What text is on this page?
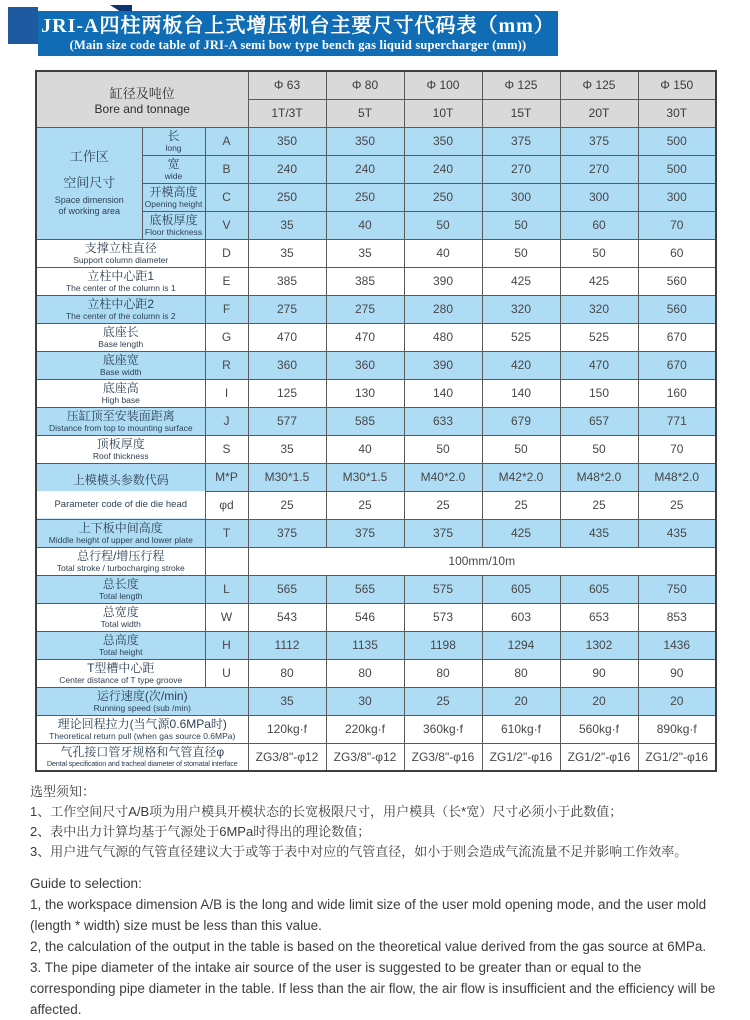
JRI-A四柱两板台上式增压机台主要尺寸代码表（mm）
(Main size code table of JRI-A semi bow type bench gas liquid supercharger (mm))
缸径及吨位
Bore and tonnage			Φ 63	Φ 80	Φ 100	Φ 125	Φ 125	Φ 150
			1T/3T	5T	10T	15T	20T	30T

工作区
空间尺寸
Space dimension
of working area

长
long	A	350	350	350	375	375	500

	宽
wide	B	240	240	240	270	270	500

	开模高度
Opening height	C	250	250	250	300	300	300

	底板厚度
Floor thickness	V	35	40	50	50	60	70

支撑立柱直径
Support column diameter		D	35	35	40	50	50	60

立柱中心距1
The center of the column is 1		E	385	385	390	425	425	560

立柱中心距2
The center of the column is 2		F	275	275	280	320	320	560

底座长
Base length		G	470	470	480	525	525	670

底座宽
Base width		R	360	360	390	420	470	670

底座高
High base		I	125	130	140	140	150	160

压缸顶至安装面距离
Distance from top to mounting surface		J	577	585	633	679	657	771

顶板厚度
Roof thickness		S	35	40	50	50	50	70

上模模头参数代码
Parameter code of die die head		M*P	M30*1.5	M30*1.5	M40*2.0	M42*2.0	M48*2.0	M48*2.0
		φd	25	25	25	25	25	25

上下板中间高度
Middle height of upper and lower plate		T	375	375	375	425	435	435

总行程/增压行程
Total stroke / turbocharging stroke			100mm/10m					

总长度
Total length		L	565	565	575	605	605	750

总宽度
Total width		W	543	546	573	603	653	853

总高度
Total height		H	1112	1135	1198	1294	1302	1436

T型槽中心距
Center distance of T type groove		U	80	80	80	80	90	90

运行速度(次/min)
Running speed (sub /min)			35	30	25	20	20	20

理论回程拉力(当气源0.6MPa时)
Theoretical return pull (when gas source 0.6MPa)			120kg·f	220kg·f	360kg·f	610kg·f	560kg·f	890kg·f

气孔接口管牙规格和气管直径φ
Dental specification and tracheal diameter of stomatal interface			ZG3/8"-φ12	ZG3/8"-φ12	ZG3/8"-φ16	ZG1/2"-φ16	ZG1/2"-φ16	ZG1/2"-φ16

选型须知：

1、工作空间尺寸A/B项为用户模具开模状态的长宽极限尺寸，用户模具（长*宽）尺寸必须小于此数值；

2、表中出力计算均基于气源处于6MPa时得出的理论数值；

3、用户进气气源的气管直径建议大于或等于表中对应的气管直径，如小于则会造成气流流量不足并影响工作效率。

Guide to selection:

1, the workspace dimension A/B is the long and wide limit size of the user mold opening mode, and the user mold (length * width) size must be less than this value.

2, the calculation of the output in the table is based on the theoretical value derived from the gas source at 6MPa.

3. The pipe diameter of the intake air source of the user is suggested to be greater than or equal to the corresponding pipe diameter in the table. If less than the air flow, the air flow is insufficient and the efficiency will be affected.
